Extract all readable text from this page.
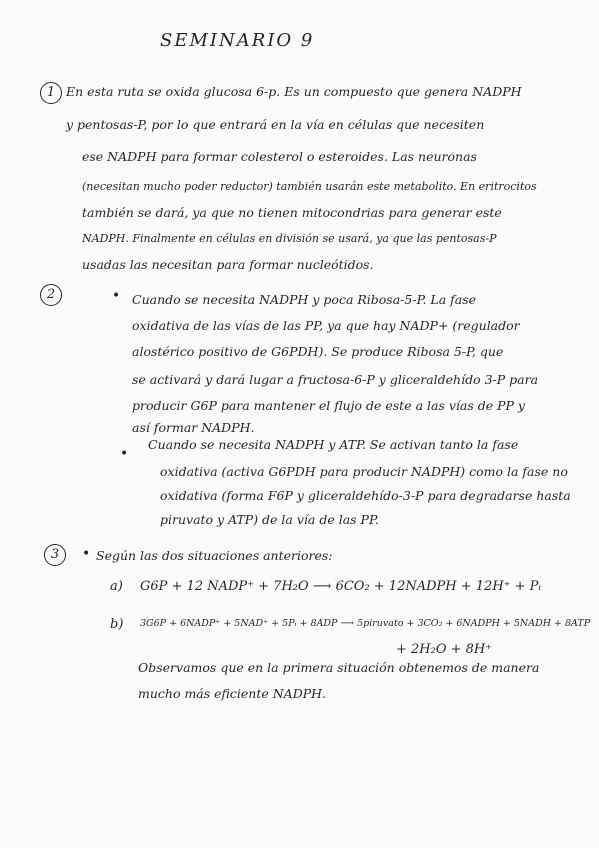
SEMINARIO 9
1 En esta ruta se oxida glucosa 6-p. Es un compuesto que genera NADPH
y pentosas-P, por lo que entrará en la vía en células que necesiten
ese NADPH para formar colesterol o esteroides. Las neuronas
(necesitan mucho poder reductor) también usarán este metabolito. En eritrocitos
también se dará, ya que no tienen mitocondrias para generar este
NADPH. Finalmente en células en división se usará, ya que las pentosas-P
usadas las necesitan para formar nucleótidos.
2	• Cuando se necesita NADPH y poca Ribosa-5-P. La fase
oxidativa de las vías de las PP, ya que hay NADP+ (regulador
alostérico positivo de G6PDH). Se produce Ribosa 5-P, que
se activará y dará lugar a fructosa-6-P y gliceraldehído 3-P para
producir G6P para mantener el flujo de este a las vías de PP y
así formar NADPH.
•
Cuando se necesita NADPH y ATP. Se activan tanto la fase
oxidativa (activa G6PDH para producir NADPH) como la fase no
oxidativa (forma F6P y gliceraldehído-3-P para degradarse hasta
piruvato y ATP) de la vía de las PP.
3	• Según las dos situaciones anteriores:
a) G6P + 12 NADP⁺ + 7H₂O ⟶ 6CO₂ + 12NADPH + 12H⁺ + Pᵢ
b) 3G6P + 6NADP⁺ + 5NAD⁺ + 5Pᵢ + 8ADP ⟶ 5piruvato + 3CO₂ + 6NADPH + 5NADH + 8ATP
+ 2H₂O + 8H⁺
Observamos que en la primera situación obtenemos de manera
mucho más eficiente NADPH.
